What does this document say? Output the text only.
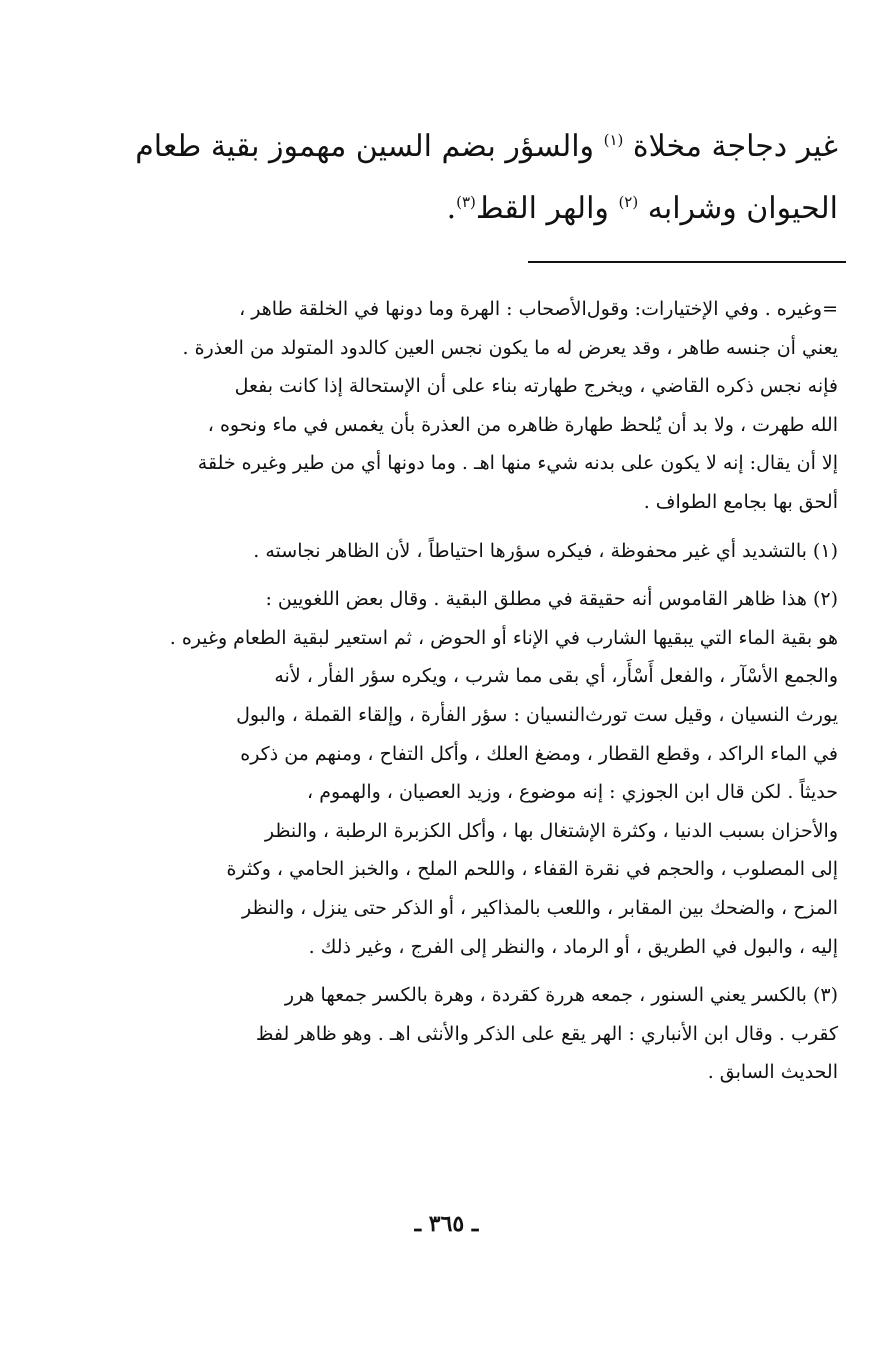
غير دجاجة مخلاة $^{(١)}$ والسؤر بضم السين مهموز بقية طعام
الحيوان وشرابه $^{(٢)}$ والهر القط$^{(٣)}$.
=وغيره . وفي الإختيارات: وقول‌الأصحاب : الهرة وما دونها في الخلقة طاهر ،
يعني أن جنسه طاهر ، وقد يعرض له ما يكون نجس العين كالدود المتولد من العذرة .
فإنه نجس ذكره القاضي ، ويخرج طهارته بناء على أن الإستحالة إذا كانت بفعل
الله طهرت ، ولا بد أن يُلحظ طهارة ظاهره من العذرة بأن يغمس في ماء ونحوه ،
إلا أن يقال: إنه لا يكون على بدنه شيء منها اهـ . وما دونها أي من طير وغيره خلقة
ألحق بها بجامع الطواف .
(١) بالتشديد أي غير محفوظة ، فيكره سؤرها احتياطاً ، لأن الظاهر نجاسته .
(٢) هذا ظاهر القاموس أنه حقيقة في مطلق البقية . وقال بعض اللغويين :
هو بقية الماء التي يبقيها الشارب في الإناء أو الحوض ، ثم استعير لبقية الطعام وغيره .
والجمع الأسْآر ، والفعل أَسْأَر، أي بقى مما شرب ، ويكره سؤر الفأر ، لأنه
يورث النسيان ، وقيل ست تورث‌النسيان : سؤر الفأرة ، وإلقاء القملة ، والبول
في الماء الراكد ، وقطع القطار ، ومضغ العلك ، وأكل التفاح ، ومنهم من ذكره
حديثاً . لكن قال ابن الجوزي : إنه موضوع ، وزيد العصيان ، والهموم ،
والأحزان بسبب الدنيا ، وكثرة الإشتغال بها ، وأكل الكزبرة الرطبة ، والنظر
إلى المصلوب ، والحجم في نقرة القفاء ، واللحم الملح ، والخبز الحامي ، وكثرة
المزح ، والضحك بين المقابر ، واللعب بالمذاكير ، أو الذكر حتى ينزل ، والنظر
إليه ، والبول في الطريق ، أو الرماد ، والنظر إلى الفرج ، وغير ذلك .
(٣) بالكسر يعني السنور ، جمعه هررة كقردة ، وهرة بالكسر جمعها هرر
كقرب . وقال ابن الأنباري : الهر يقع على الذكر والأنثى اهـ . وهو ظاهر لفظ
الحديث السابق .
ـ ٣٦٥ ـ
